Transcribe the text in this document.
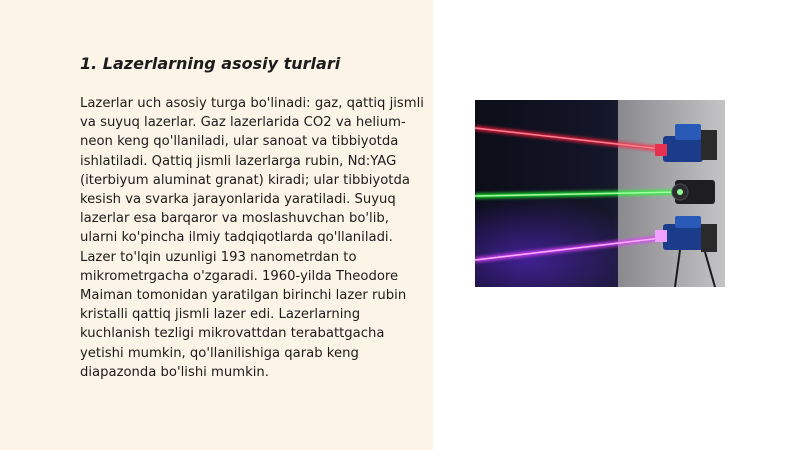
1. Lazerlarning asosiy turlari

Lazerlar uch asosiy turga bo'linadi: gaz, qattiq jismli va suyuq lazerlar. Gaz lazerlarida CO2 va helium-neon keng qo'llaniladi, ular sanoat va tibbiyotda ishlatiladi. Qattiq jismli lazerlarga rubin, Nd:YAG (iterbiyum aluminat granat) kiradi; ular tibbiyotda kesish va svarka jarayonlarida yaratiladi. Suyuq lazerlar esa barqaror va moslashuvchan bo'lib, ularni ko'pincha ilmiy tadqiqotlarda qo'llaniladi. Lazer to'lqin uzunligi 193 nanometrdan to mikrometrgacha o'zgaradi. 1960-yilda Theodore Maiman tomonidan yaratilgan birinchi lazer rubin kristalli qattiq jismli lazer edi. Lazerlarning kuchlanish tezligi mikrovattdan terabattgacha yetishi mumkin, qo'llanilishiga qarab keng diapazonda bo'lishi mumkin.
